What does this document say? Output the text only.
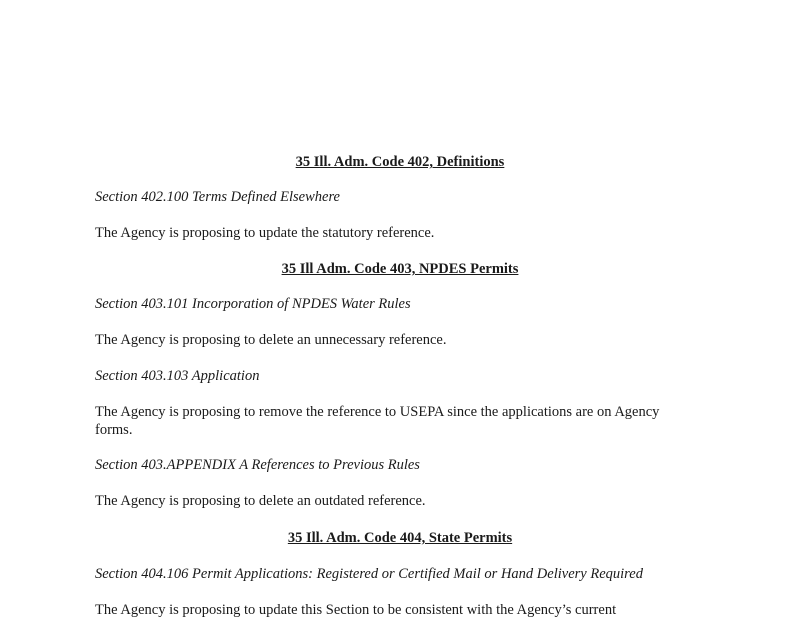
35 Ill. Adm. Code 402, Definitions
Section 402.100 Terms Defined Elsewhere
The Agency is proposing to update the statutory reference.
35 Ill Adm. Code 403, NPDES Permits
Section 403.101 Incorporation of NPDES Water Rules
The Agency is proposing to delete an unnecessary reference.
Section 403.103 Application
The Agency is proposing to remove the reference to USEPA since the applications are on Agency forms.
Section 403.APPENDIX A References to Previous Rules
The Agency is proposing to delete an outdated reference.
35 Ill. Adm. Code 404, State Permits
Section 404.106 Permit Applications: Registered or Certified Mail or Hand Delivery Required
The Agency is proposing to update this Section to be consistent with the Agency’s current
